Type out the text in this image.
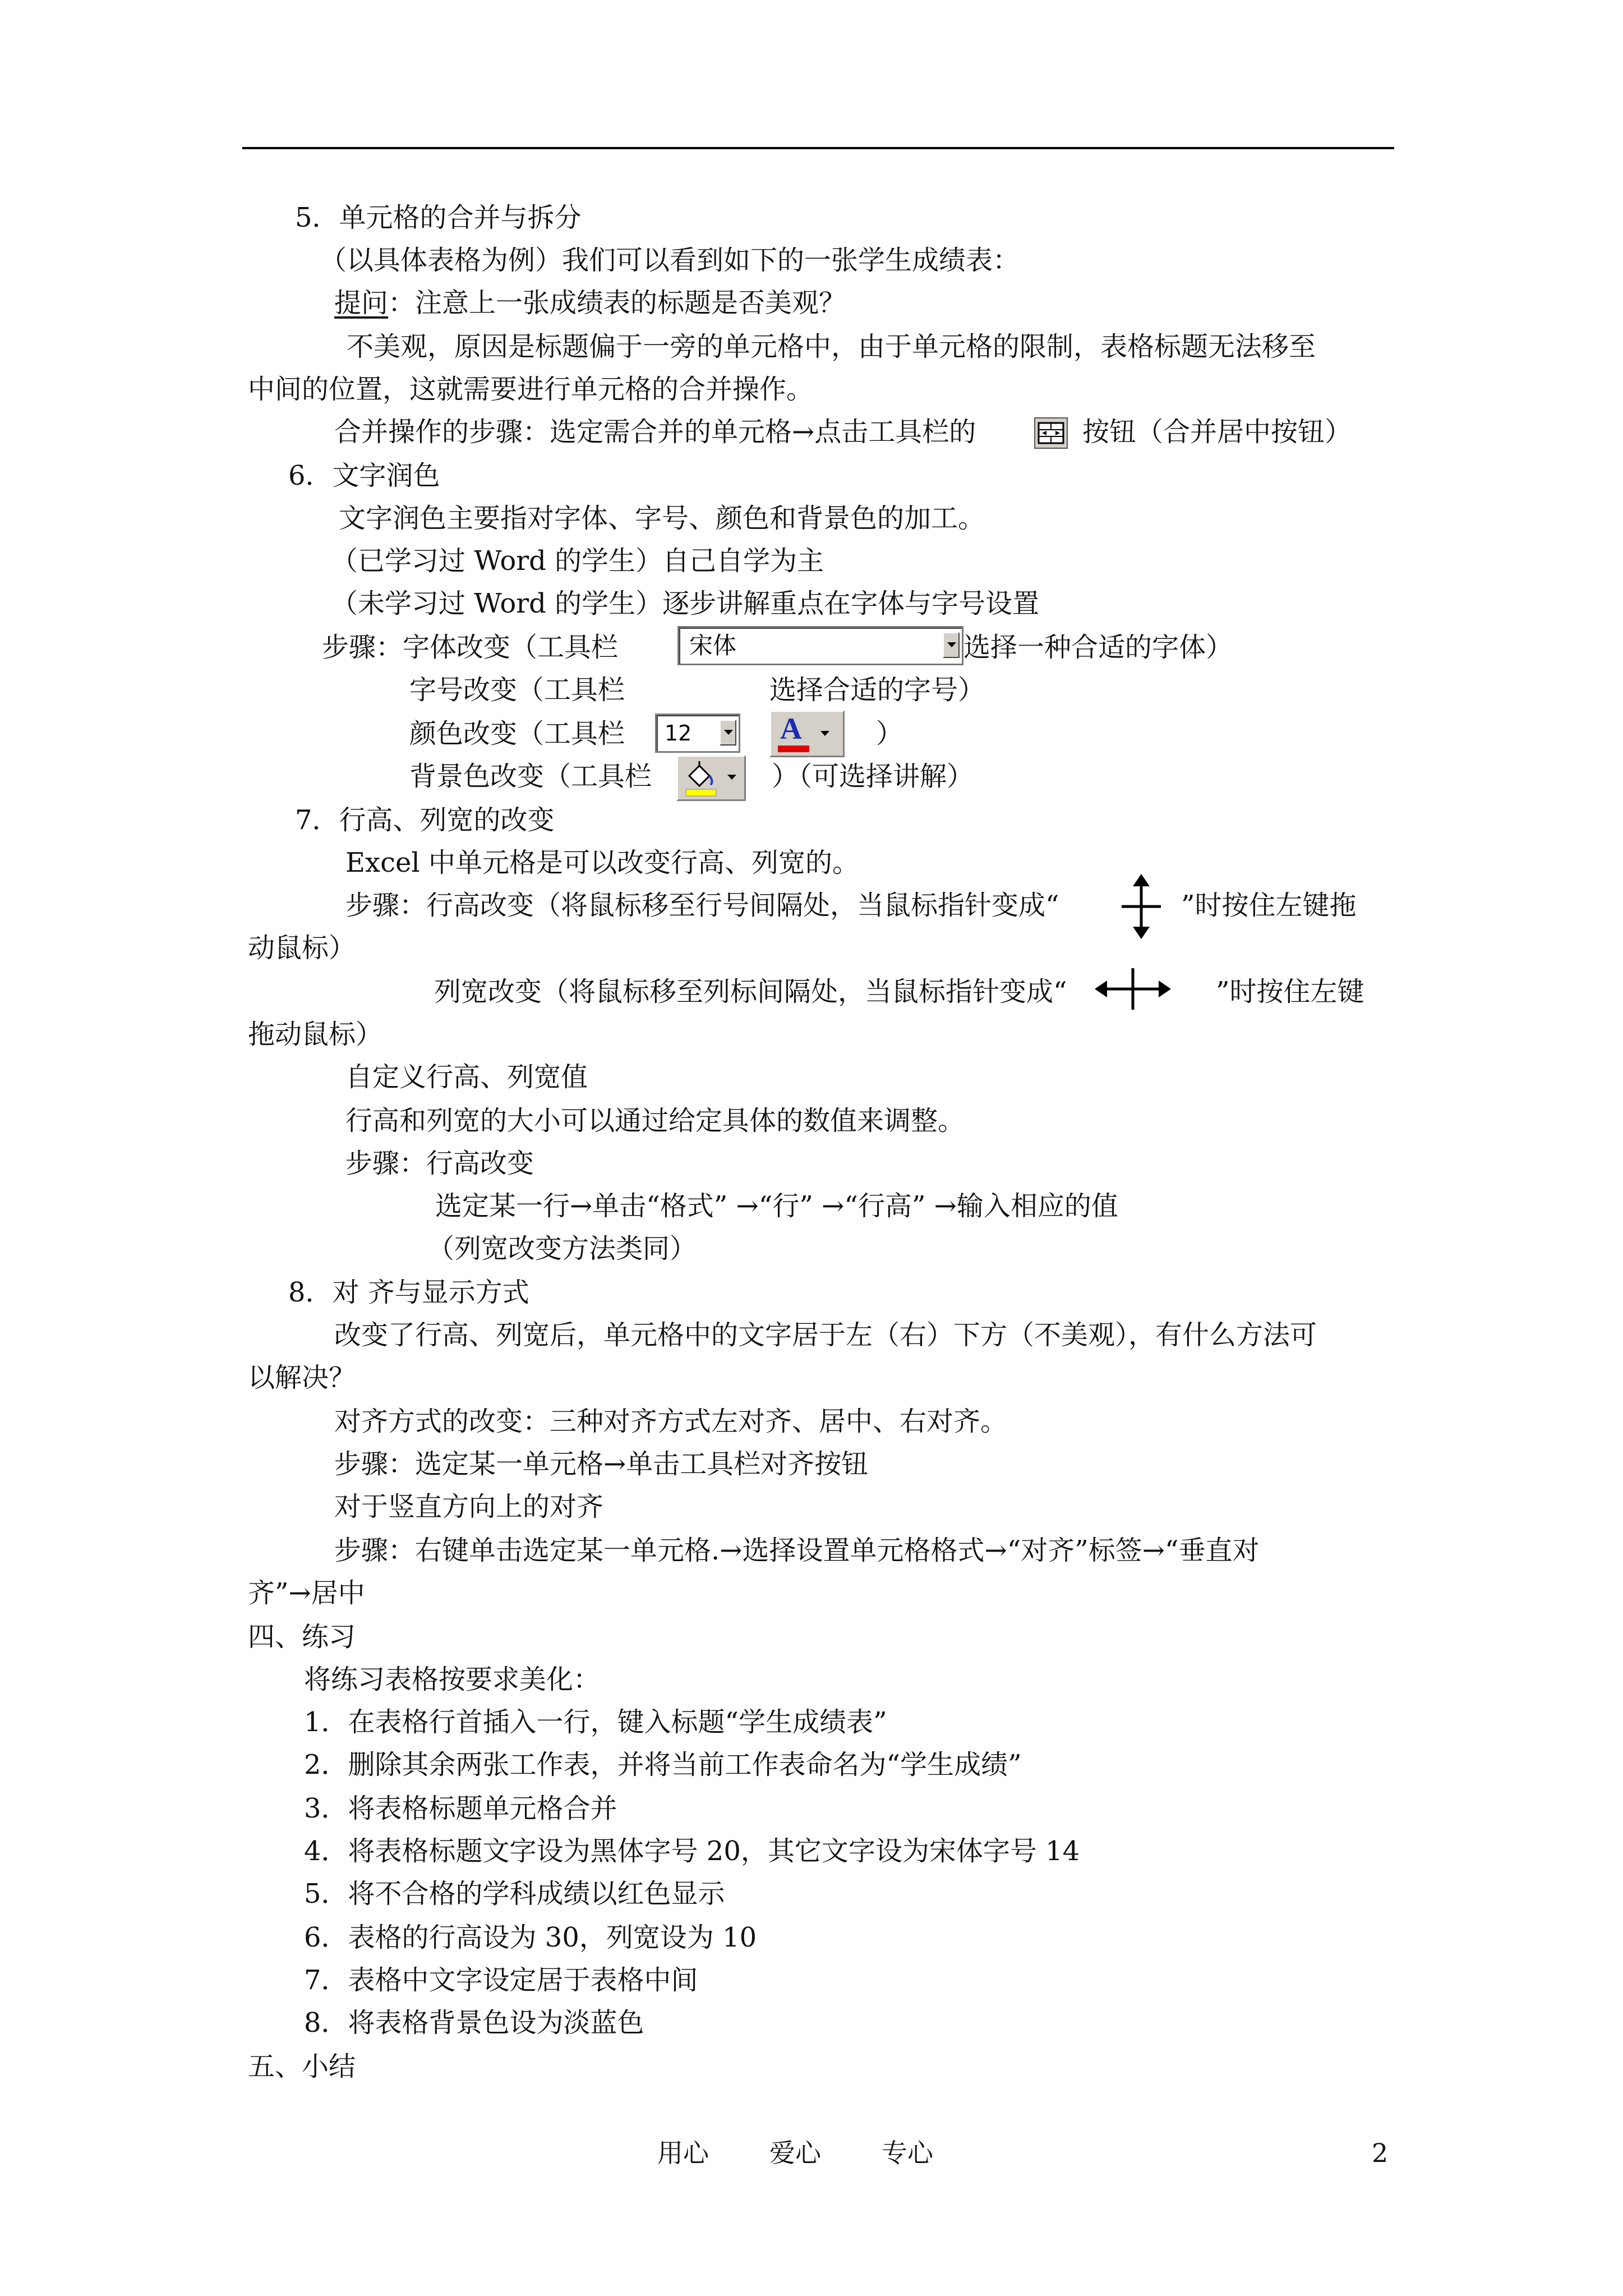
5．单元格的合并与拆分
（以具体表格为例）我们可以看到如下的一张学生成绩表：
提问：注意上一张成绩表的标题是否美观？
不美观，原因是标题偏于一旁的单元格中，由于单元格的限制，表格标题无法移至
中间的位置，这就需要进行单元格的合并操作。
合并操作的步骤：选定需合并的单元格→点击工具栏的	按钮（合并居中按钮）
6．文字润色
文字润色主要指对字体、字号、颜色和背景色的加工。
（已学习过 Word 的学生）自己自学为主
（未学习过 Word 的学生）逐步讲解重点在字体与字号设置
步骤：字体改变（工具栏	宋体	选择一种合适的字体）
字号改变（工具栏	选择合适的字号）
颜色改变（工具栏 12	A	）
背景色改变（工具栏	）（可选择讲解）
7．行高、列宽的改变
Excel 中单元格是可以改变行高、列宽的。
步骤：行高改变（将鼠标移至行号间隔处，当鼠标指针变成“	”时按住左键拖
动鼠标）
列宽改变（将鼠标移至列标间隔处，当鼠标指针变成“	”时按住左键
拖动鼠标）
自定义行高、列宽值
行高和列宽的大小可以通过给定具体的数值来调整。
步骤：行高改变
选定某一行→单击“格式” →“行” →“行高” →输入相应的值
（列宽改变方法类同）
8．对 齐与显示方式
改变了行高、列宽后，单元格中的文字居于左（右）下方（不美观），有什么方法可
以解决？
对齐方式的改变：三种对齐方式左对齐、居中、右对齐。
步骤：选定某一单元格→单击工具栏对齐按钮
对于竖直方向上的对齐
步骤：右键单击选定某一单元格.→选择设置单元格格式→“对齐”标签→“垂直对
齐”→居中
四、练习
将练习表格按要求美化：
1．在表格行首插入一行，键入标题“学生成绩表”
2．删除其余两张工作表，并将当前工作表命名为“学生成绩”
3．将表格标题单元格合并
4．将表格标题文字设为黑体字号 20，其它文字设为宋体字号 14
5．将不合格的学科成绩以红色显示
6．表格的行高设为 30，列宽设为 10
7．表格中文字设定居于表格中间
8．将表格背景色设为淡蓝色
五、小结
用心 爱心 专心	2
